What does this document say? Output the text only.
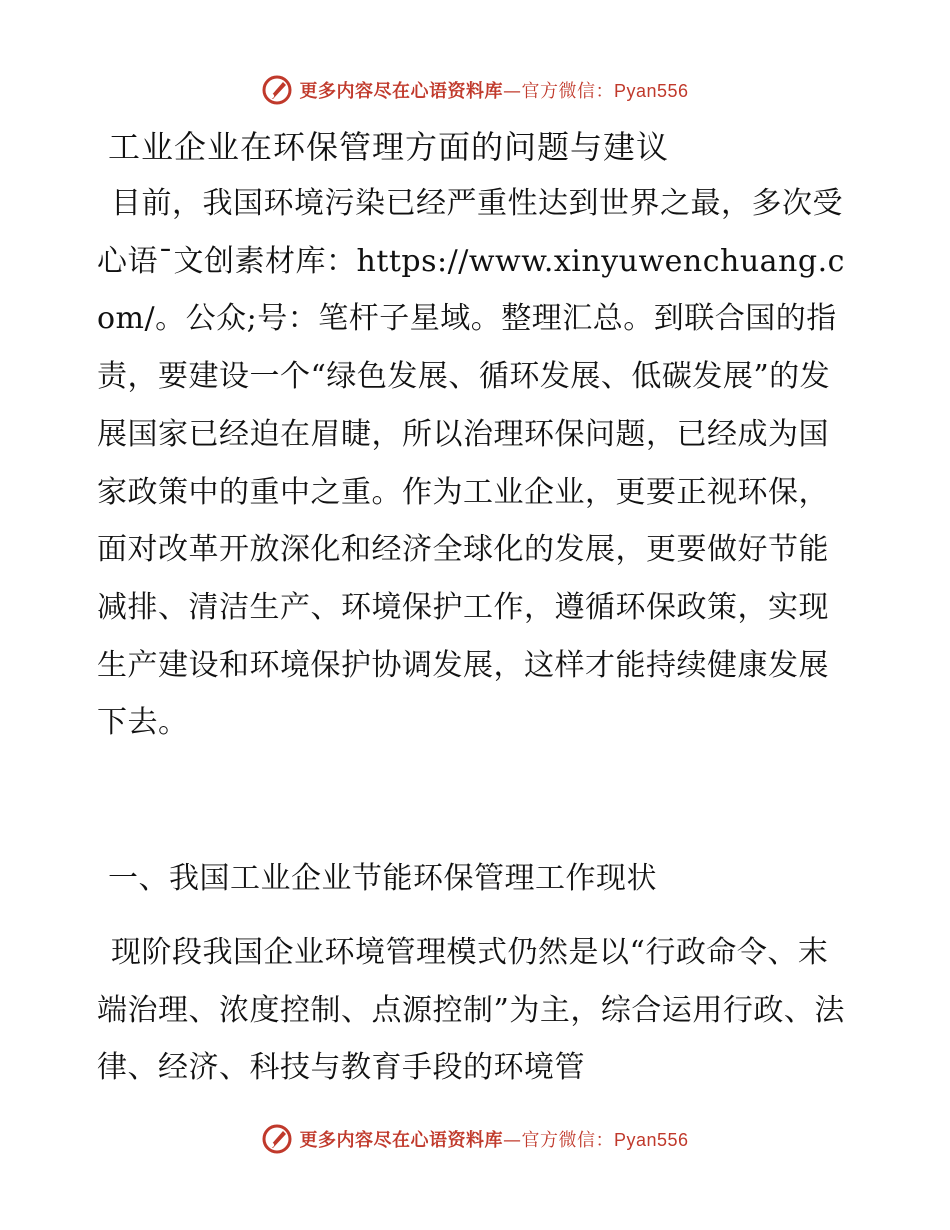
更多内容尽在心语资料库—官方微信：Pyan556
工业企业在环保管理方面的问题与建议

目前，我国环境污染已经严重性达到世界之最，多次受心语¯文创素材库：https://www.xinyuwenchuang.com/。公众;号：笔杆子星域。整理汇总。到联合国的指责，要建设一个“绿色发展、循环发展、低碳发展”的发展国家已经迫在眉睫，所以治理环保问题，已经成为国家政策中的重中之重。作为工业企业，更要正视环保，面对改革开放深化和经济全球化的发展，更要做好节能减排、清洁生产、环境保护工作，遵循环保政策，实现生产建设和环境保护协调发展，这样才能持续健康发展下去。

一、我国工业企业节能环保管理工作现状

现阶段我国企业环境管理模式仍然是以“行政命令、末端治理、浓度控制、点源控制”为主，综合运用行政、法律、经济、科技与教育手段的环境管

更多内容尽在心语资料库—官方微信：Pyan556
